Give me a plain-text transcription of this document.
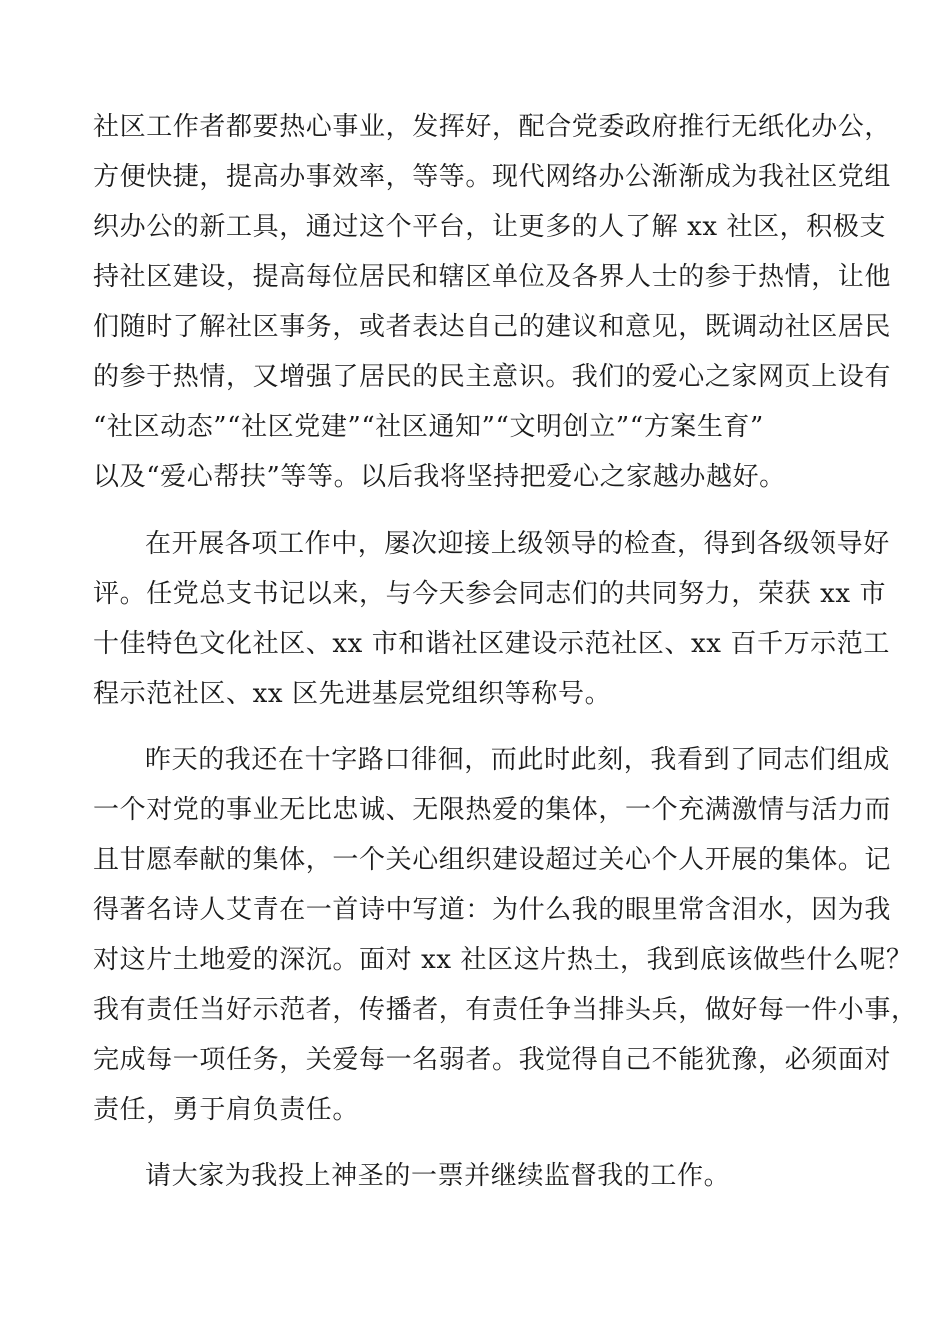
社区工作者都要热心事业，发挥好，配合党委政府推行无纸化办公，
方便快捷，提高办事效率，等等。现代网络办公渐渐成为我社区党组
织办公的新工具，通过这个平台，让更多的人了解 xx 社区，积极支
持社区建设，提高每位居民和辖区单位及各界人士的参于热情，让他
们随时了解社区事务，或者表达自己的建议和意见，既调动社区居民
的参于热情，又增强了居民的民主意识。我们的爱心之家网页上设有
“社区动态”“社区党建”“社区通知”“文明创立”“方案生育”
以及“爱心帮扶”等等。以后我将坚持把爱心之家越办越好。
在开展各项工作中，屡次迎接上级领导的检查，得到各级领导好
评。任党总支书记以来，与今天参会同志们的共同努力，荣获 xx 市
十佳特色文化社区、xx 市和谐社区建设示范社区、xx 百千万示范工
程示范社区、xx 区先进基层党组织等称号。
昨天的我还在十字路口徘徊，而此时此刻，我看到了同志们组成
一个对党的事业无比忠诚、无限热爱的集体，一个充满激情与活力而
且甘愿奉献的集体，一个关心组织建设超过关心个人开展的集体。记
得著名诗人艾青在一首诗中写道：为什么我的眼里常含泪水，因为我
对这片土地爱的深沉。面对 xx 社区这片热土，我到底该做些什么呢？
我有责任当好示范者，传播者，有责任争当排头兵，做好每一件小事，
完成每一项任务，关爱每一名弱者。我觉得自己不能犹豫，必须面对
责任，勇于肩负责任。
请大家为我投上神圣的一票并继续监督我的工作。
